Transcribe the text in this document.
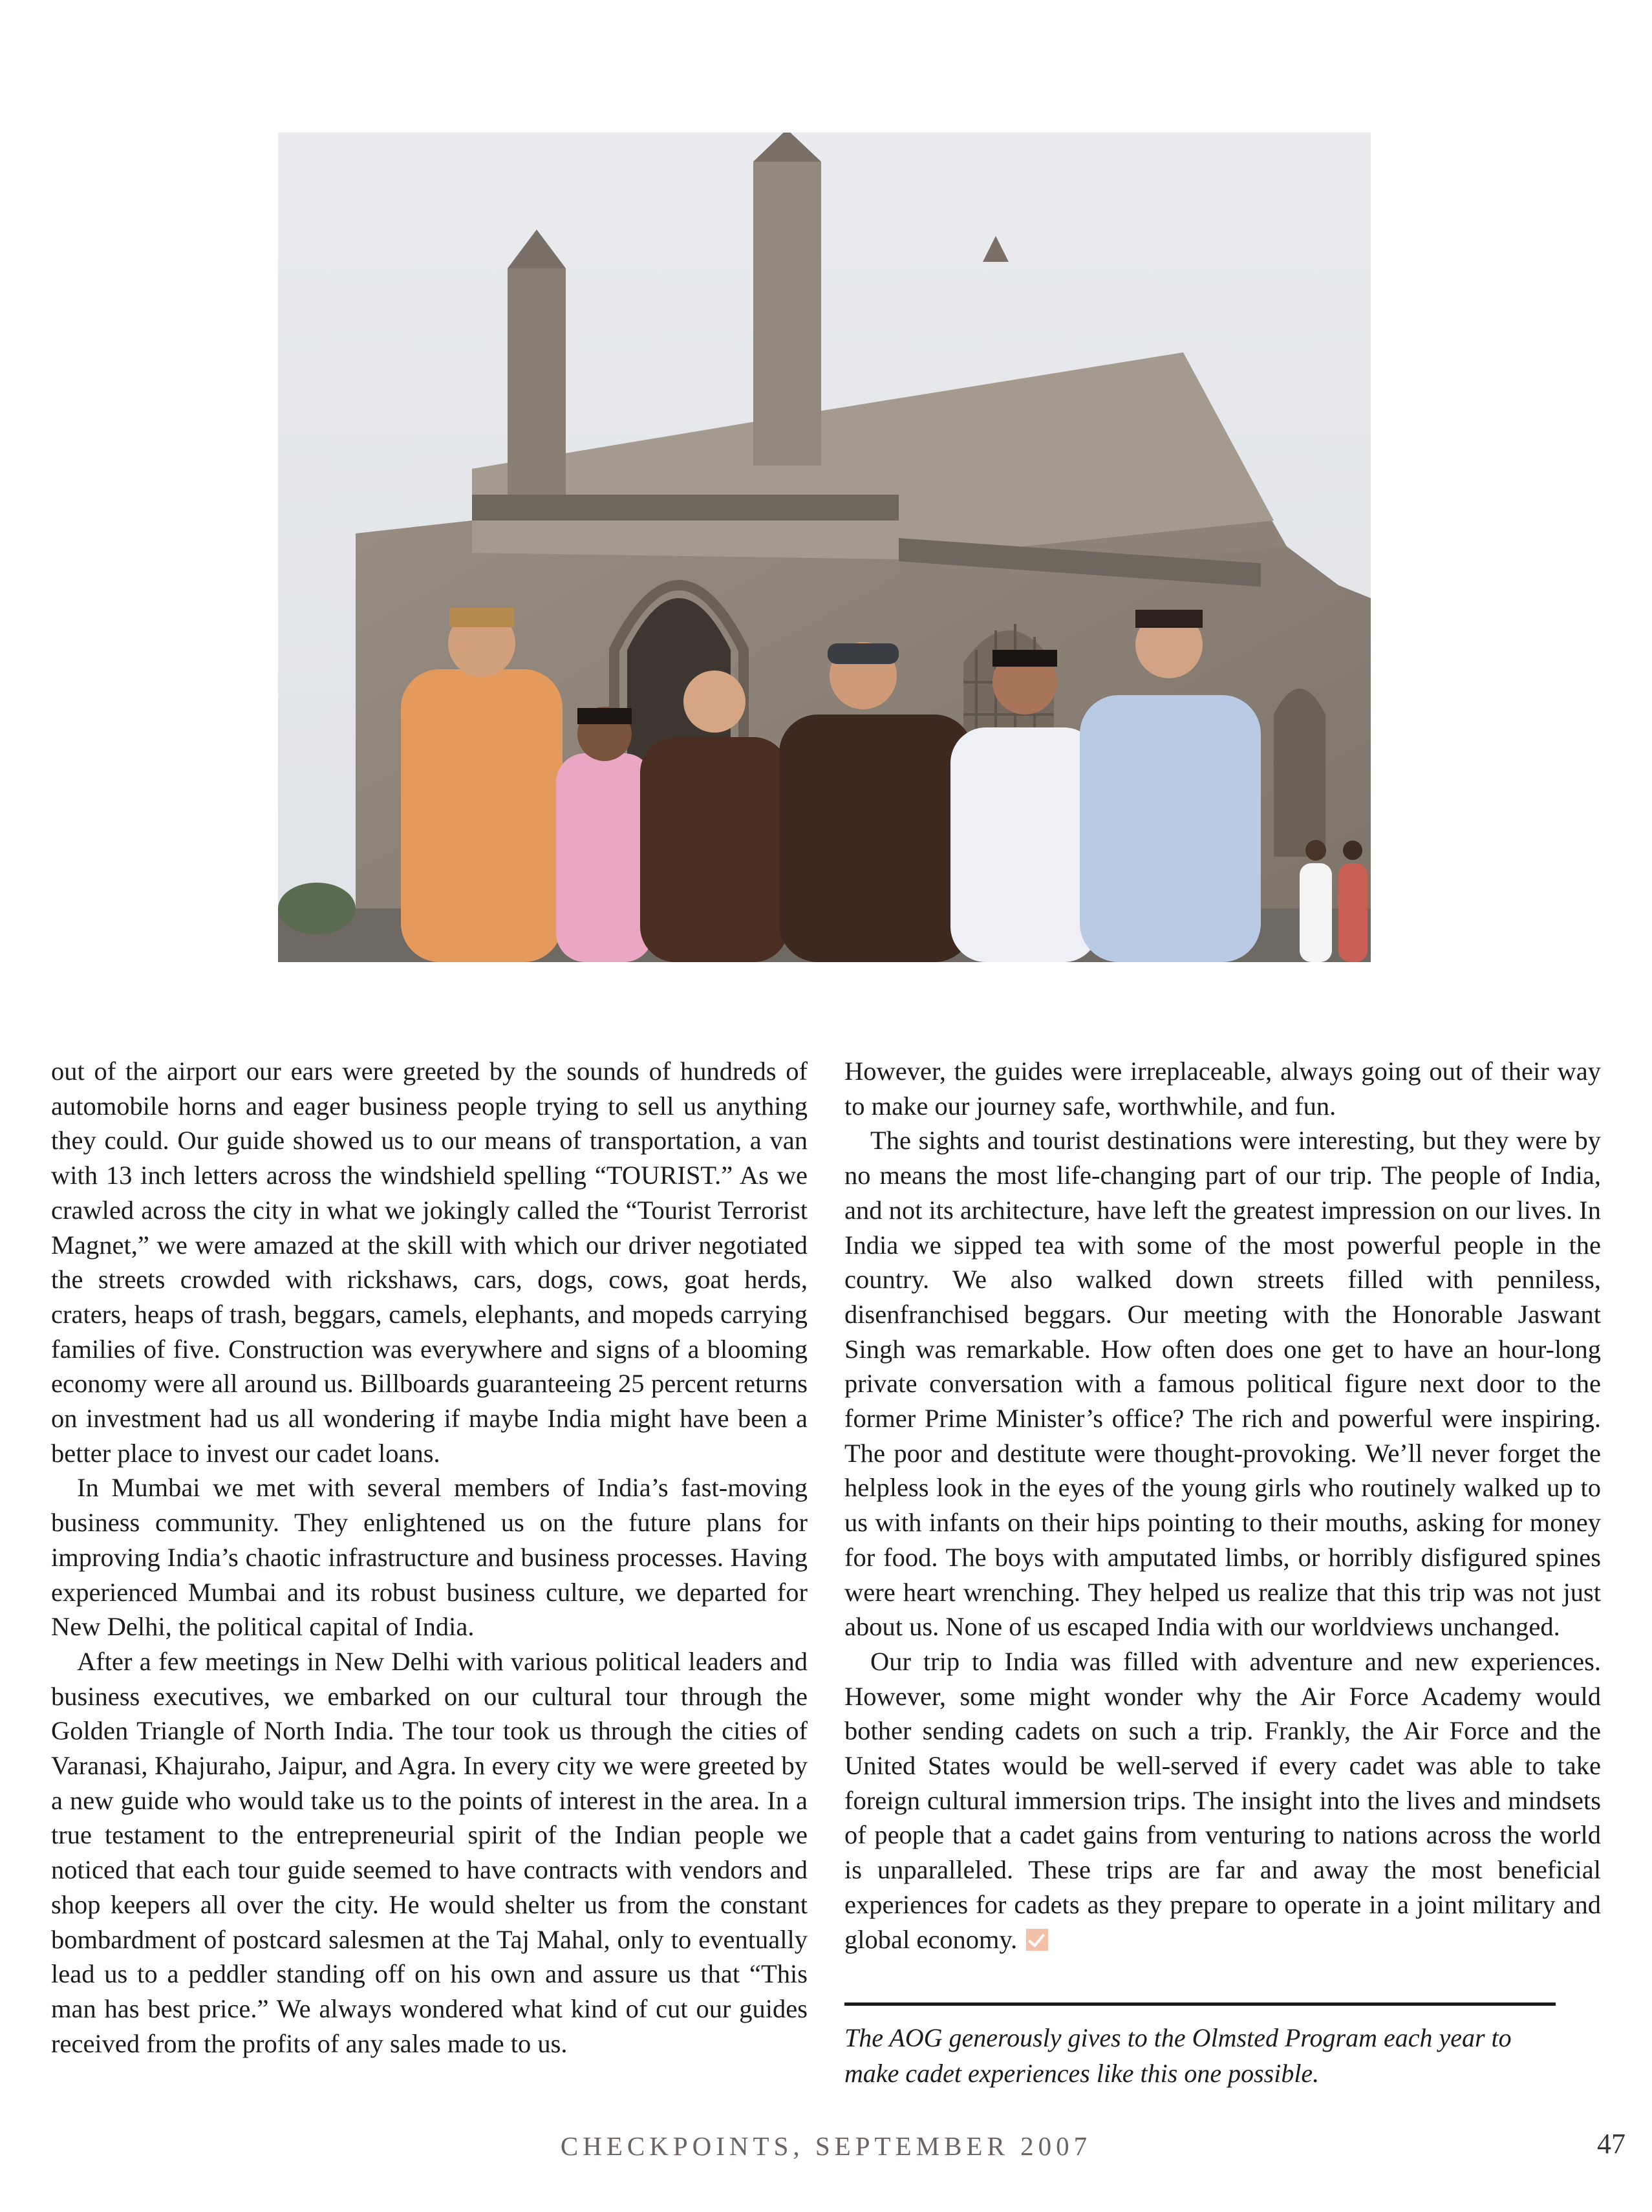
out of the airport our ears were greeted by the sounds of hundreds of automobile horns and eager business people trying to sell us anything they could. Our guide showed us to our means of transportation, a van with 13 inch letters across the windshield spelling “TOURIST.” As we crawled across the city in what we jokingly called the “Tourist Terrorist Magnet,” we were amazed at the skill with which our driver negotiated the streets crowded with rickshaws, cars, dogs, cows, goat herds, craters, heaps of trash, beggars, camels, elephants, and mopeds carrying families of five. Construction was everywhere and signs of a blooming economy were all around us. Billboards guaranteeing 25 percent returns on investment had us all wondering if maybe India might have been a better place to invest our cadet loans.

In Mumbai we met with several members of India’s fast-moving business community. They enlightened us on the future plans for improving India’s chaotic infrastructure and business processes. Having experienced Mumbai and its robust business culture, we departed for New Delhi, the political capital of India.

After a few meetings in New Delhi with various political leaders and business executives, we embarked on our cultural tour through the Golden Triangle of North India. The tour took us through the cities of Varanasi, Khajuraho, Jaipur, and Agra. In every city we were greeted by a new guide who would take us to the points of interest in the area. In a true testament to the entrepreneurial spirit of the Indian people we noticed that each tour guide seemed to have contracts with vendors and shop keepers all over the city. He would shelter us from the constant bombardment of postcard salesmen at the Taj Mahal, only to eventually lead us to a peddler standing off on his own and assure us that “This man has best price.” We always wondered what kind of cut our guides received from the profits of any sales made to us.

However, the guides were irreplaceable, always going out of their way to make our journey safe, worthwhile, and fun.

The sights and tourist destinations were interesting, but they were by no means the most life-changing part of our trip. The people of India, and not its architecture, have left the greatest impression on our lives. In India we sipped tea with some of the most powerful people in the country. We also walked down streets filled with penniless, disenfranchised beggars. Our meeting with the Honorable Jaswant Singh was remarkable. How often does one get to have an hour-long private conversation with a famous political figure next door to the former Prime Minister’s office? The rich and powerful were inspiring. The poor and destitute were thought-provoking. We’ll never forget the helpless look in the eyes of the young girls who routinely walked up to us with infants on their hips pointing to their mouths, asking for money for food. The boys with amputated limbs, or horribly disfigured spines were heart wrenching. They helped us realize that this trip was not just about us. None of us escaped India with our worldviews unchanged.

Our trip to India was filled with adventure and new experiences. However, some might wonder why the Air Force Academy would bother sending cadets on such a trip. Frankly, the Air Force and the United States would be well-served if every cadet was able to take foreign cultural immersion trips. The insight into the lives and mindsets of people that a cadet gains from venturing to nations across the world is unparalleled. These trips are far and away the most beneficial experiences for cadets as they prepare to operate in a joint military and global economy.

The AOG generously gives to the Olmsted Program each year to make cadet experiences like this one possible.

CHECKPOINTS, SEPTEMBER 2007	47
